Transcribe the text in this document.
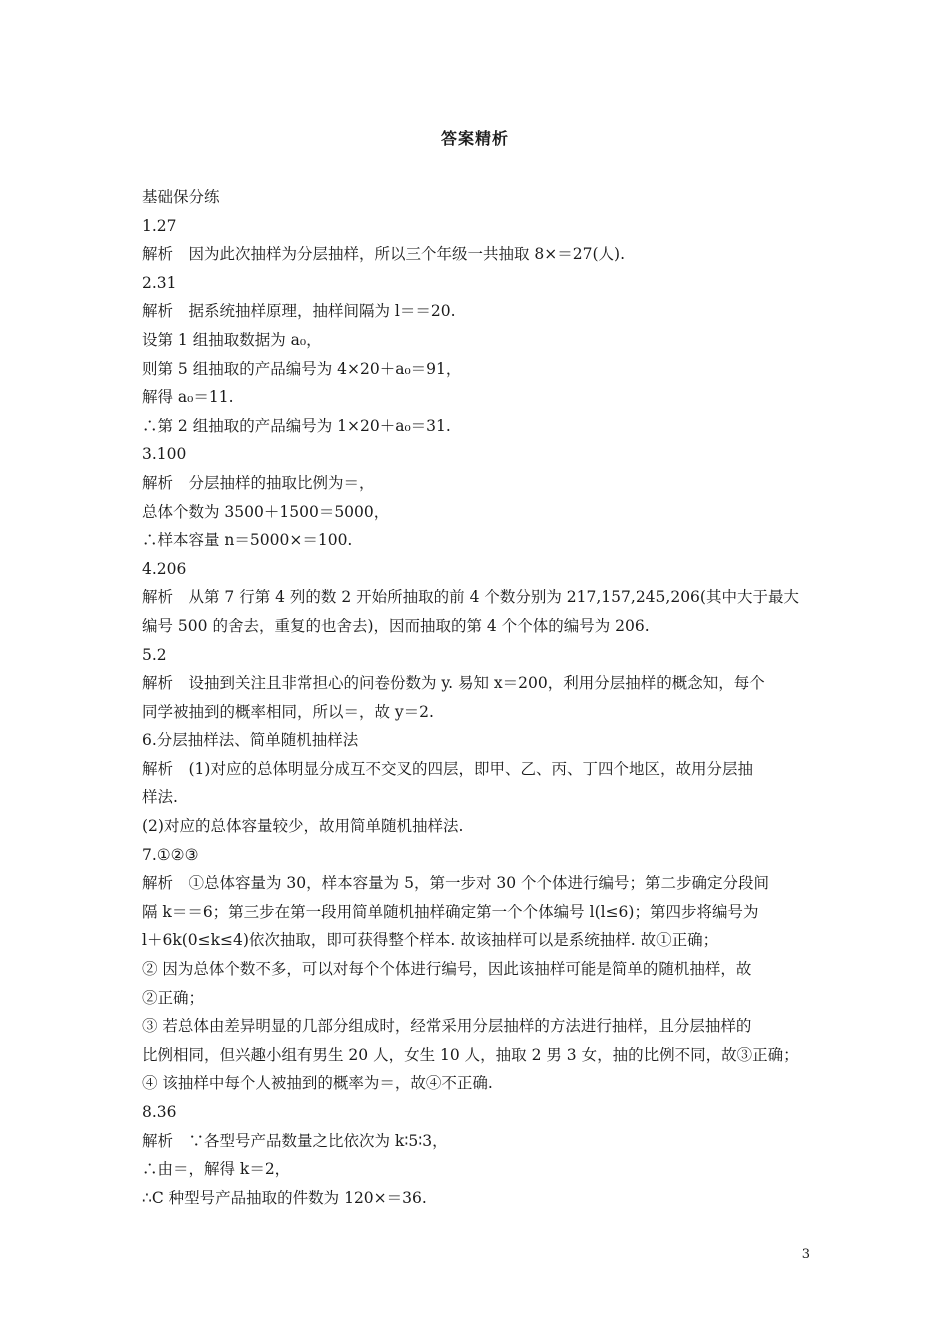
答案精析
基础保分练
1.27
解析　因为此次抽样为分层抽样，所以三个年级一共抽取 8×＝27(人).
2.31
解析　据系统抽样原理，抽样间隔为 l＝＝20.
设第 1 组抽取数据为 a₀，
则第 5 组抽取的产品编号为 4×20＋a₀＝91，
解得 a₀＝11.
∴第 2 组抽取的产品编号为 1×20＋a₀＝31.
3.100
解析　分层抽样的抽取比例为＝，
总体个数为 3500＋1500＝5000，
∴样本容量 n＝5000×＝100.
4.206
解析　从第 7 行第 4 列的数 2 开始所抽取的前 4 个数分别为 217,157,245,206(其中大于最大
编号 500 的舍去，重复的也舍去)，因而抽取的第 4 个个体的编号为 206.
5.2
解析　设抽到关注且非常担心的问卷份数为 y. 易知 x＝200，利用分层抽样的概念知，每个
同学被抽到的概率相同，所以＝，故 y＝2.
6.分层抽样法、简单随机抽样法
解析　(1)对应的总体明显分成互不交叉的四层，即甲、乙、丙、丁四个地区，故用分层抽
样法.
(2)对应的总体容量较少，故用简单随机抽样法.
7.①②③
解析　①总体容量为 30，样本容量为 5，第一步对 30 个个体进行编号；第二步确定分段间
隔 k＝＝6；第三步在第一段用简单随机抽样确定第一个个体编号 l(l≤6)；第四步将编号为
l＋6k(0≤k≤4)依次抽取，即可获得整个样本. 故该抽样可以是系统抽样. 故①正确；
② 因为总体个数不多，可以对每个个体进行编号，因此该抽样可能是简单的随机抽样，故
②正确；
③ 若总体由差异明显的几部分组成时，经常采用分层抽样的方法进行抽样，且分层抽样的
比例相同，但兴趣小组有男生 20 人，女生 10 人，抽取 2 男 3 女，抽的比例不同，故③正确；
④ 该抽样中每个人被抽到的概率为＝，故④不正确.
8.36
解析　∵各型号产品数量之比依次为 k∶5∶3，
∴由＝，解得 k＝2，
∴C 种型号产品抽取的件数为 120×＝36.
3
